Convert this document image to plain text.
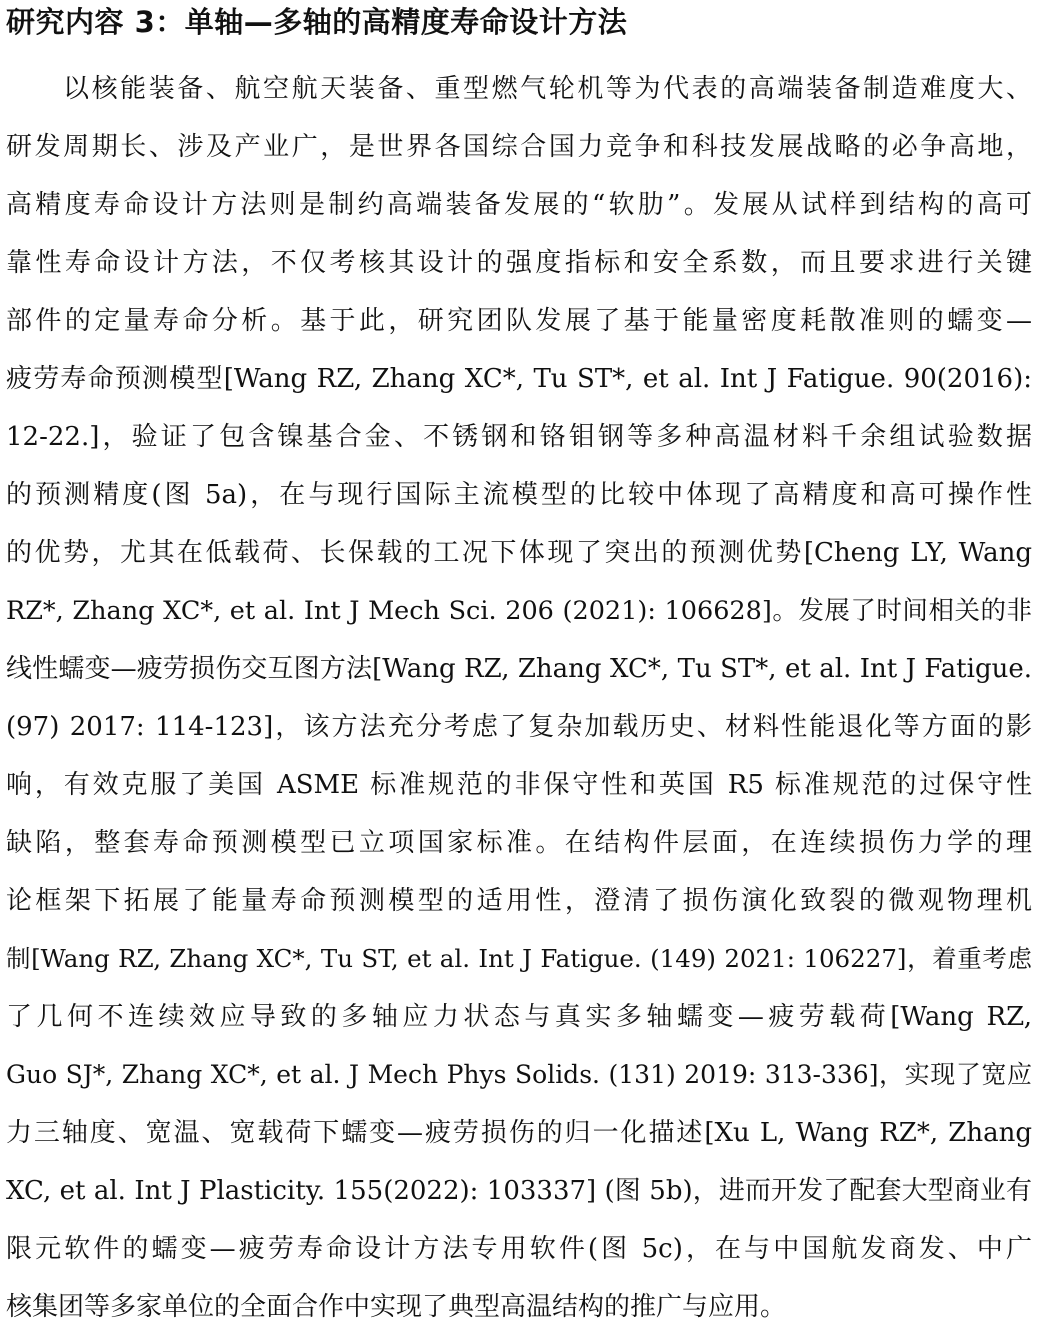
研究内容 3：单轴—多轴的高精度寿命设计方法
以核能装备、航空航天装备、重型燃气轮机等为代表的高端装备制造难度大、
研发周期长、涉及产业广，是世界各国综合国力竞争和科技发展战略的必争高地，
高精度寿命设计方法则是制约高端装备发展的“软肋”。发展从试样到结构的高可
靠性寿命设计方法，不仅考核其设计的强度指标和安全系数，而且要求进行关键
部件的定量寿命分析。基于此，研究团队发展了基于能量密度耗散准则的蠕变—
疲劳寿命预测模型[Wang RZ, Zhang XC*, Tu ST*, et al. Int J Fatigue. 90(2016):
12-22.]，验证了包含镍基合金、不锈钢和铬钼钢等多种高温材料千余组试验数据
的预测精度(图 5a)，在与现行国际主流模型的比较中体现了高精度和高可操作性
的优势，尤其在低载荷、长保载的工况下体现了突出的预测优势[Cheng LY, Wang
RZ*, Zhang XC*, et al. Int J Mech Sci. 206 (2021): 106628]。发展了时间相关的非
线性蠕变—疲劳损伤交互图方法[Wang RZ, Zhang XC*, Tu ST*, et al. Int J Fatigue.
(97) 2017: 114-123]，该方法充分考虑了复杂加载历史、材料性能退化等方面的影
响，有效克服了美国 ASME 标准规范的非保守性和英国 R5 标准规范的过保守性
缺陷，整套寿命预测模型已立项国家标准。在结构件层面，在连续损伤力学的理
论框架下拓展了能量寿命预测模型的适用性，澄清了损伤演化致裂的微观物理机
制[Wang RZ, Zhang XC*, Tu ST, et al. Int J Fatigue. (149) 2021: 106227]，着重考虑
了几何不连续效应导致的多轴应力状态与真实多轴蠕变—疲劳载荷[Wang RZ,
Guo SJ*, Zhang XC*, et al. J Mech Phys Solids. (131) 2019: 313-336]，实现了宽应
力三轴度、宽温、宽载荷下蠕变—疲劳损伤的归一化描述[Xu L, Wang RZ*, Zhang
XC, et al. Int J Plasticity. 155(2022): 103337] (图 5b)，进而开发了配套大型商业有
限元软件的蠕变—疲劳寿命设计方法专用软件(图 5c)，在与中国航发商发、中广
核集团等多家单位的全面合作中实现了典型高温结构的推广与应用。
